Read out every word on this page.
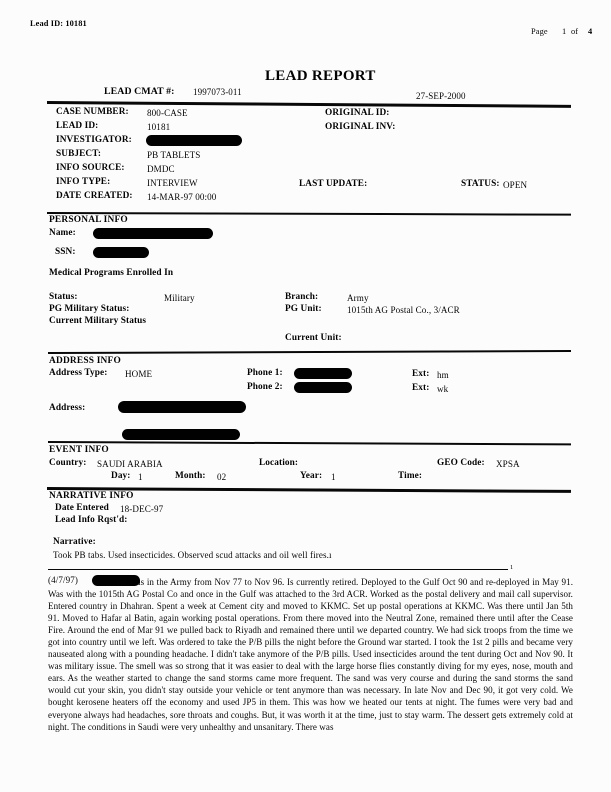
Lead ID: 10181
Page 1 of 4
LEAD REPORT
LEAD CMAT #: 1997073-011	27-SEP-2000
CASE NUMBER: 800-CASE
LEAD ID:	10181
INVESTIGATOR:
SUBJECT:	PB TABLETS
INFO SOURCE: DMDC
INFO TYPE:	INTERVIEW
DATE CREATED: 14-MAR-97 00:00
ORIGINAL ID:
ORIGINAL INV:
LAST UPDATE:	STATUS: OPEN
PERSONAL INFO
Name:
SSN:
Medical Programs Enrolled In
Status:	Military
PG Military Status:
Current Military Status
Branch:	Army
PG Unit:	1015th AG Postal Co., 3/ACR
Current Unit:
ADDRESS INFO
Address Type: HOME	Phone 1:
Phone 2:
Ext: hm
Ext: wk
Address:
EVENT INFO
Country: SAUDI ARABIA
Day: 1	Month: 02
Location:
Year: 1
GEO Code: XPSA
Time:
NARRATIVE INFO
Date Entered 18-DEC-97
Lead Info Rqst'd:
Narrative:
Took PB tabs. Used insecticides. Observed scud attacks and oil well fires.ı
1
(4/7/97)	- Vet was in the Army from Nov 77 to Nov 96. Is currently retired. Deployed to the Gulf Oct 90 and re-deployed in May 91. Was with the 1015th AG Postal Co and once in the Gulf was attached to the 3rd ACR. Worked as the postal delivery and mail call supervisor. Entered country in Dhahran. Spent a week at Cement city and moved to KKMC. Set up postal operations at KKMC. Was there until Jan 5th 91. Moved to Hafar al Batin, again working postal operations. From there moved into the Neutral Zone, remained there until after the Cease Fire. Around the end of Mar 91 we pulled back to Riyadh and remained there until we departed country. We had sick troops from the time we got into country until we left. Was ordered to take the P/B pills the night before the Ground war started. I took the 1st 2 pills and became very nauseated along with a pounding headache. I didn't take anymore of the P/B pills. Used insecticides around the tent during Oct and Nov 90. It was military issue. The smell was so strong that it was easier to deal with the large horse flies constantly diving for my eyes, nose, mouth and ears. As the weather started to change the sand storms came more frequent. The sand was very course and during the sand storms the sand would cut your skin, you didn't stay outside your vehicle or tent anymore than was necessary. In late Nov and Dec 90, it got very cold. We bought kerosene heaters off the economy and used JP5 in them. This was how we heated our tents at night. The fumes were very bad and everyone always had headaches, sore throats and coughs. But, it was worth it at the time, just to stay warm. The dessert gets extremely cold at night. The conditions in Saudi were very unhealthy and unsanitary. There was
